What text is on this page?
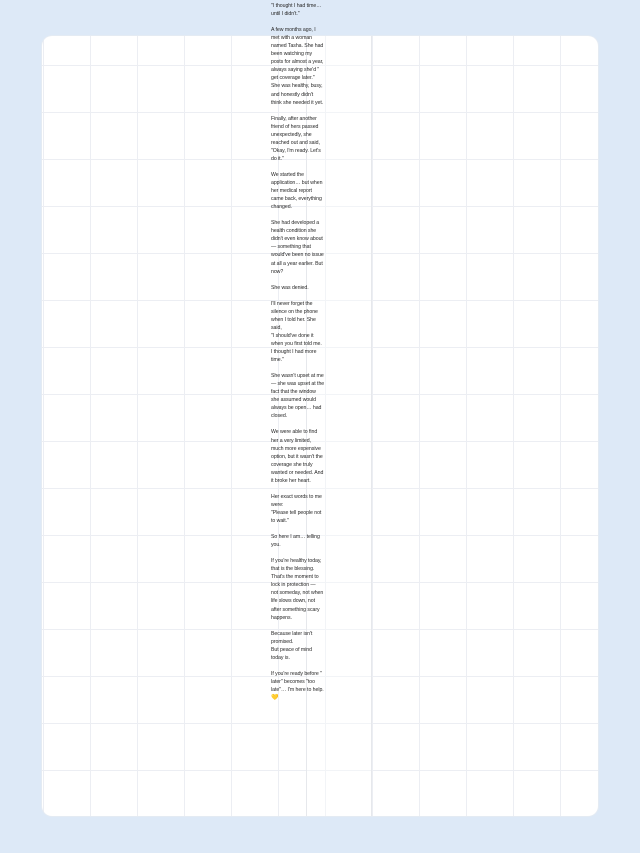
"I thought I had time…
until I didn't."

A few months ago, I
met with a woman
named Tasha. She had
been watching my
posts for almost a year,
always saying she'd "
get coverage later."
She was healthy, busy,
and honestly didn't
think she needed it yet.

Finally, after another
friend of hers passed
unexpectedly, she
reached out and said,
"Okay, I'm ready. Let's
do it."

We started the
application… but when
her medical report
came back, everything
changed.

She had developed a
health condition she
didn't even know about
— something that
would've been no issue
at all a year earlier. But
now?

She was denied.

I'll never forget the
silence on the phone
when I told her. She
said,
"I should've done it
when you first told me.
I thought I had more
time."

She wasn't upset at me
— she was upset at the
fact that the window
she assumed would
always be open… had
closed.

We were able to find
her a very limited,
much more expensive
option, but it wasn't the
coverage she truly
wanted or needed. And
it broke her heart.

Her exact words to me
were:
"Please tell people not
to wait."

So here I am… telling
you.

If you're healthy today,
that is the blessing.
That's the moment to
lock in protection —
not someday, not when
life slows down, not
after something scary
happens.

Because later isn't
promised.
But peace of mind
today is.

If you're ready before "
later" becomes "too
late"… I'm here to help.
💛
